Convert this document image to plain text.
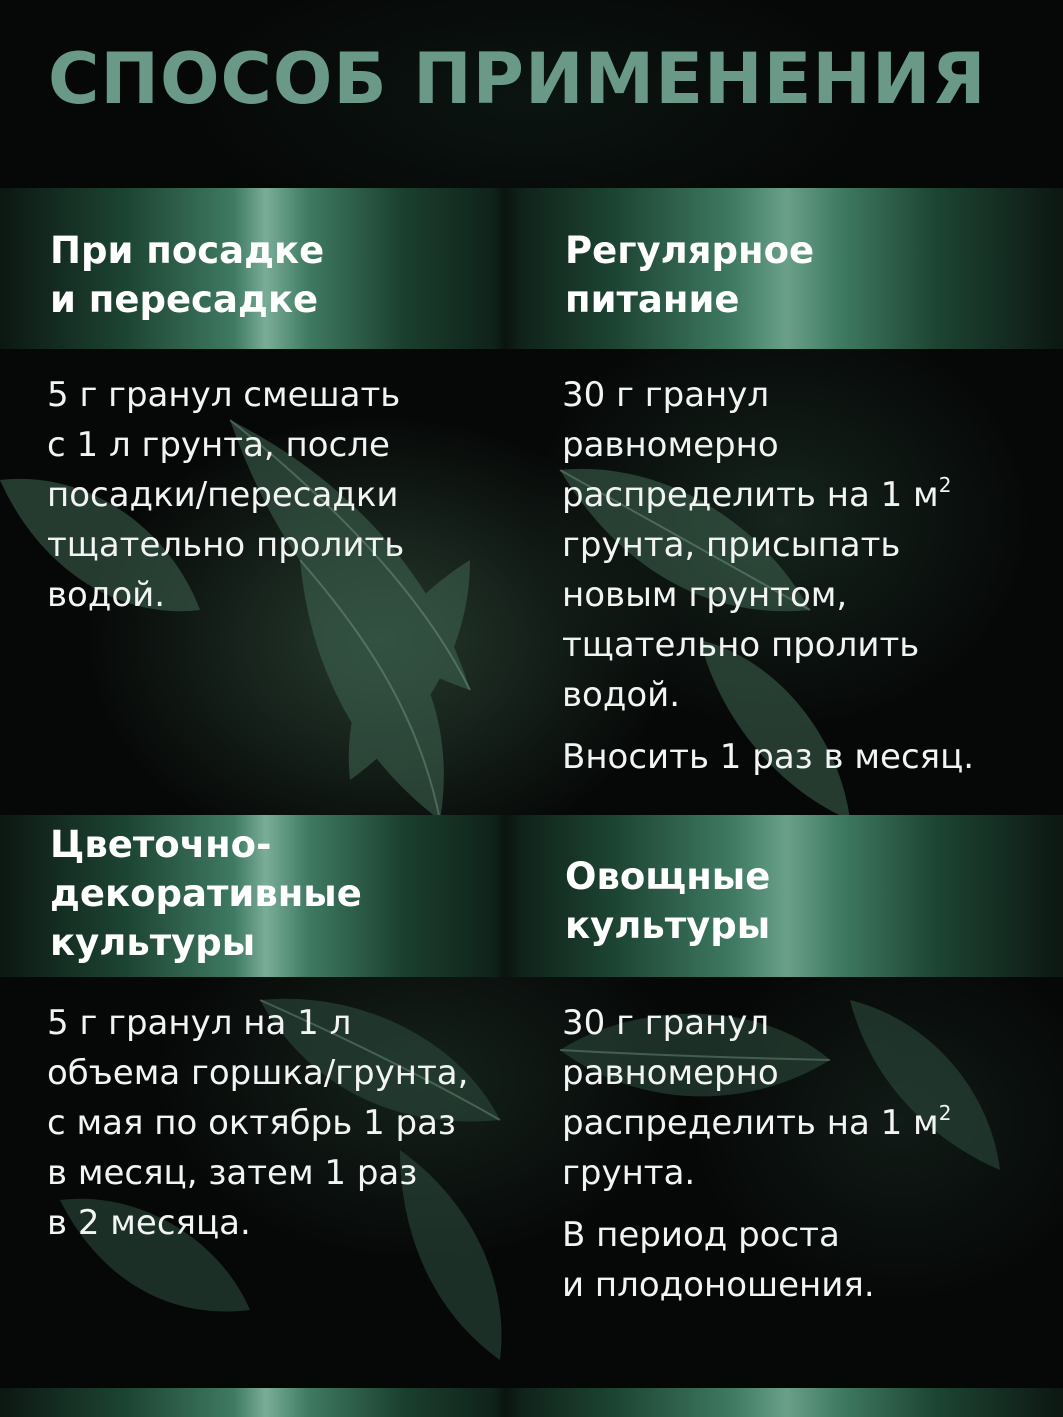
СПОСОБ ПРИМЕНЕНИЯ
При посадке
и пересадке
5 г гранул смешать
с 1 л грунта, после
посадки/пересадки
тщательно пролить
водой.
Регулярное
питание
30 г гранул
равномерно
распределить на 1 $м^2$
грунта, присыпать
новым грунтом,
тщательно пролить
водой.
Вносить 1 раз в месяц.
Цветочно-
декоративные
культуры
5 г гранул на 1 л
объема горшка/грунта,
с мая по октябрь 1 раз
в месяц, затем 1 раз
в 2 месяца.
Овощные
культуры
30 г гранул
равномерно
распределить на 1 $м^2$
грунта.
В период роста
и плодоношения.
